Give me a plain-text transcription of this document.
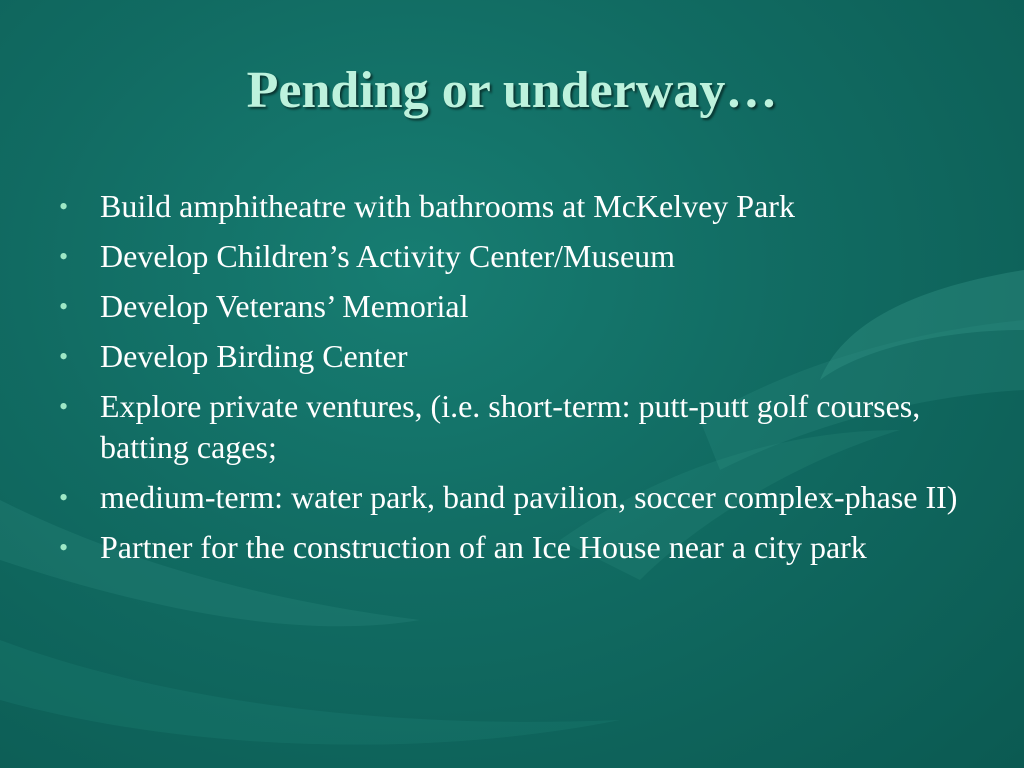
Pending or underway…
• Build amphitheatre with bathrooms at McKelvey Park
• Develop Children’s Activity Center/Museum
• Develop Veterans’ Memorial
• Develop Birding Center
• Explore private ventures, (i.e. short-term: putt-putt golf courses, batting cages;
• medium-term: water park, band pavilion, soccer complex-phase II)
• Partner for the construction of an Ice House near a city park
